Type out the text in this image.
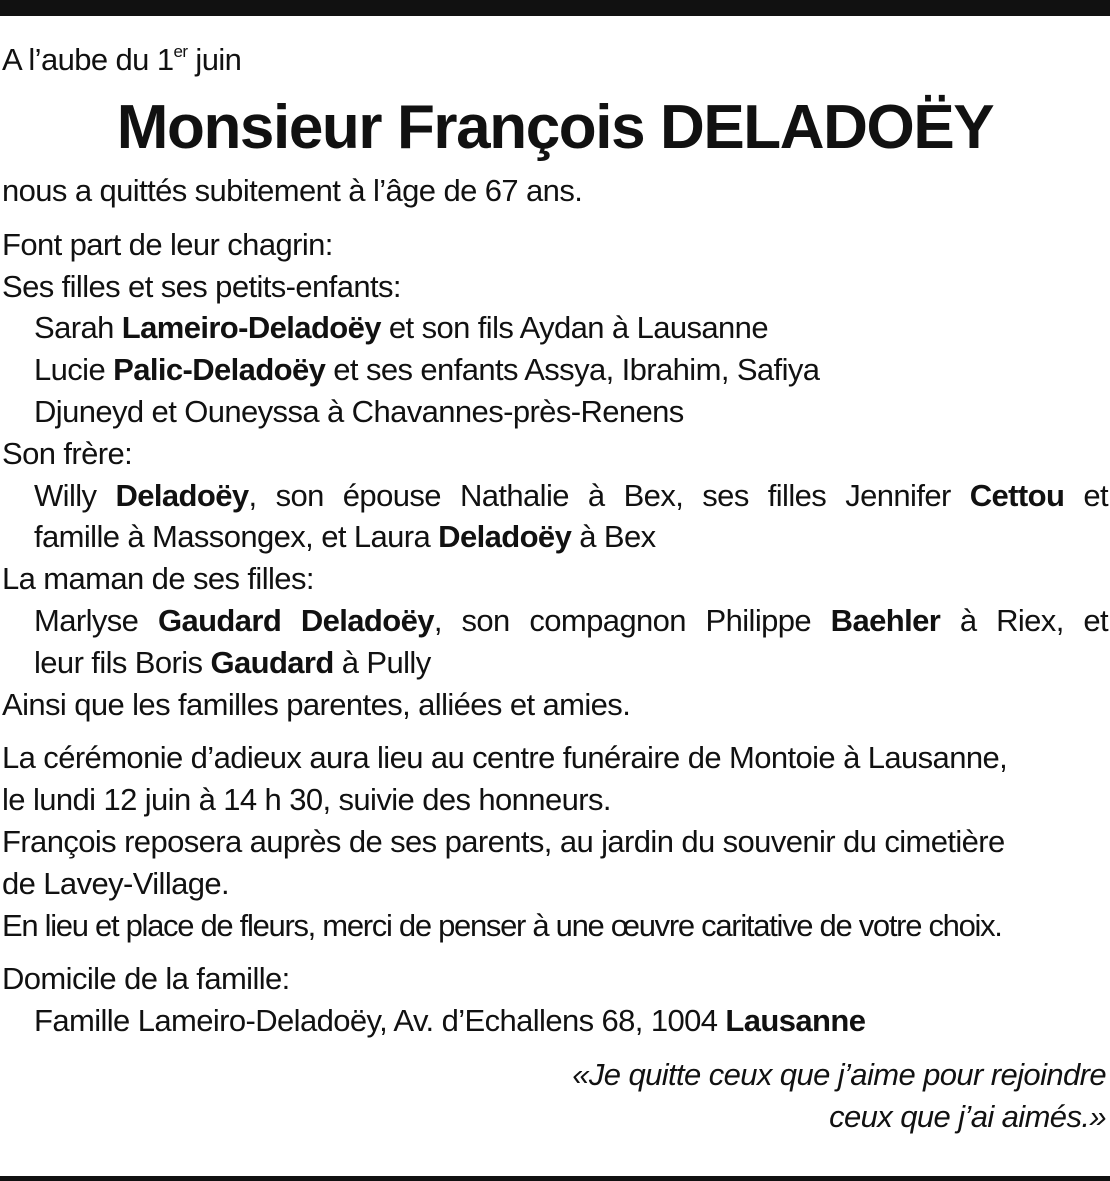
A l’aube du 1er juin
Monsieur François DELADOËY
nous a quittés subitement à l’âge de 67 ans.
Font part de leur chagrin:
Ses filles et ses petits-enfants:
Sarah Lameiro-Deladoëy et son fils Aydan à Lausanne
Lucie Palic-Deladoëy et ses enfants Assya, Ibrahim, Safiya
Djuneyd et Ouneyssa à Chavannes-près-Renens
Son frère:
Willy Deladoëy, son épouse Nathalie à Bex, ses filles Jennifer Cettou et
famille à Massongex, et Laura Deladoëy à Bex
La maman de ses filles:
Marlyse Gaudard Deladoëy, son compagnon Philippe Baehler à Riex, et
leur fils Boris Gaudard à Pully
Ainsi que les familles parentes, alliées et amies.
La cérémonie d’adieux aura lieu au centre funéraire de Montoie à Lausanne,
le lundi 12 juin à 14 h 30, suivie des honneurs.
François reposera auprès de ses parents, au jardin du souvenir du cimetière
de Lavey-Village.
En lieu et place de fleurs, merci de penser à une œuvre caritative de votre choix.
Domicile de la famille:
Famille Lameiro-Deladoëy, Av. d’Echallens 68, 1004 Lausanne
«Je quitte ceux que j’aime pour rejoindre
ceux que j’ai aimés.»
